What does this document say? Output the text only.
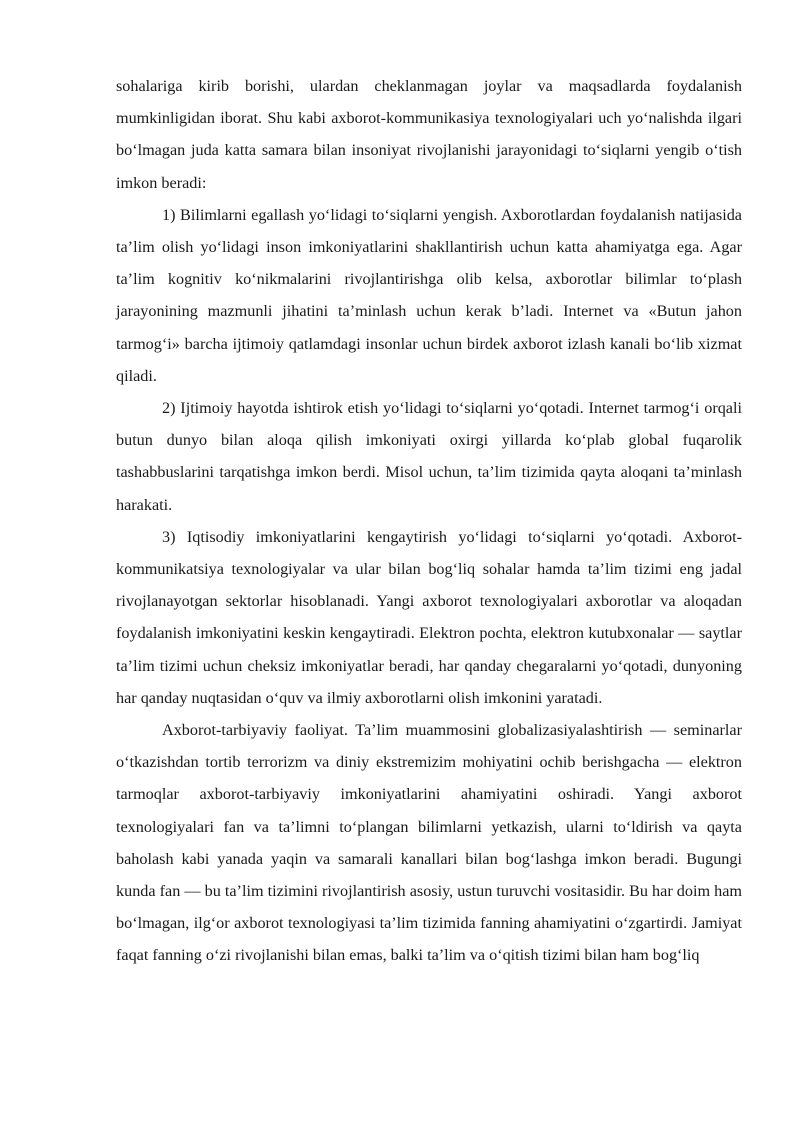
sohalariga kirib borishi, ulardan cheklanmagan joylar va maqsadlarda foydalanish mumkinligidan iborat. Shu kabi axborot-kommunikasiya texnologiyalari uch yo‘nalishda ilgari bo‘lmagan juda katta samara bilan insoniyat rivojlanishi jarayonidagi to‘siqlarni yengib o‘tish imkon beradi:

1) Bilimlarni egallash yo‘lidagi to‘siqlarni yengish. Axborotlardan foydalanish natijasida ta’lim olish yo‘lidagi inson imkoniyatlarini shakllantirish uchun katta ahamiyatga ega. Agar ta’lim kognitiv ko‘nikmalarini rivojlantirishga olib kelsa, axborotlar bilimlar to‘plash jarayonining mazmunli jihatini ta’minlash uchun kerak b’ladi. Internet va «Butun jahon tarmog‘i» barcha ijtimoiy qatlamdagi insonlar uchun birdek axborot izlash kanali bo‘lib xizmat qiladi.

2) Ijtimoiy hayotda ishtirok etish yo‘lidagi to‘siqlarni yo‘qotadi. Internet tarmog‘i orqali butun dunyo bilan aloqa qilish imkoniyati oxirgi yillarda ko‘plab global fuqarolik tashabbuslarini tarqatishga imkon berdi. Misol uchun, ta’lim tizimida qayta aloqani ta’minlash harakati.

3) Iqtisodiy imkoniyatlarini kengaytirish yo‘lidagi to‘siqlarni yo‘qotadi. Axborot-kommunikatsiya texnologiyalar va ular bilan bog‘liq sohalar hamda ta’lim tizimi eng jadal rivojlanayotgan sektorlar hisoblanadi. Yangi axborot texnologiyalari axborotlar va aloqadan foydalanish imkoniyatini keskin kengaytiradi. Elektron pochta, elektron kutubxonalar — saytlar ta’lim tizimi uchun cheksiz imkoniyatlar beradi, har qanday chegaralarni yo‘qotadi, dunyoning har qanday nuqtasidan o‘quv va ilmiy axborotlarni olish imkonini yaratadi.

Axborot-tarbiyaviy faoliyat. Ta’lim muammosini globalizasiyalashtirish — seminarlar o‘tkazishdan tortib terrorizm va diniy ekstremizim mohiyatini ochib berishgacha — elektron tarmoqlar axborot-tarbiyaviy imkoniyatlarini ahamiyatini oshiradi. Yangi axborot texnologiyalari fan va ta’limni to‘plangan bilimlarni yetkazish, ularni to‘ldirish va qayta baholash kabi yanada yaqin va samarali kanallari bilan bog‘lashga imkon beradi. Bugungi kunda fan — bu ta’lim tizimini rivojlantirish asosiy, ustun turuvchi vositasidir. Bu har doim ham bo‘lmagan, ilg‘or axborot texnologiyasi ta’lim tizimida fanning ahamiyatini o‘zgartirdi. Jamiyat faqat fanning o‘zi rivojlanishi bilan emas, balki ta’lim va o‘qitish tizimi bilan ham bog‘liq
